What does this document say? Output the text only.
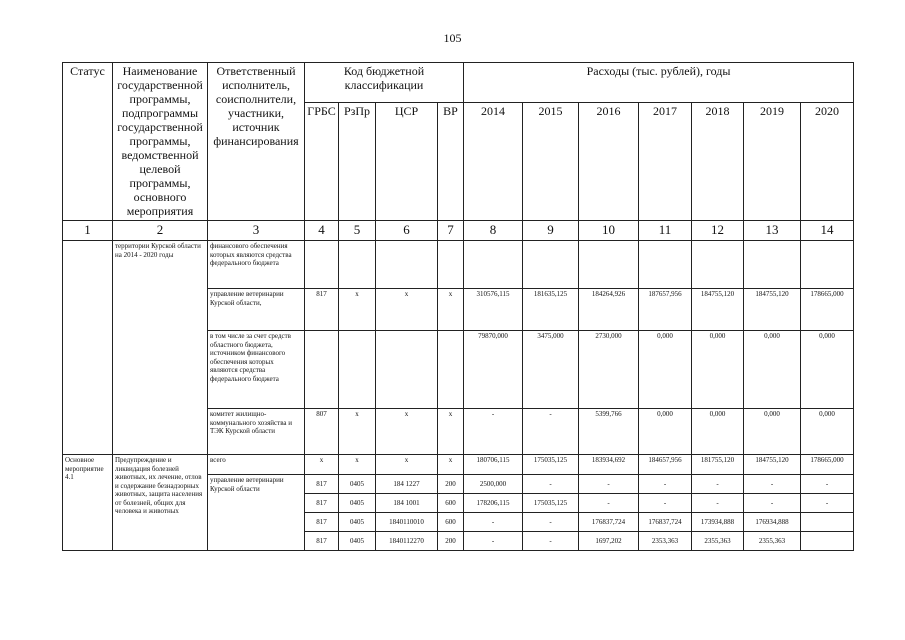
105
Статус	Наименование государственной программы, подпрограммы государственной программы, ведомственной целевой программы, основного мероприятия	Ответственный исполнитель, соисполнители, участники, источник финансирования	Код бюджетной классификации				Расходы (тыс. рублей), годы						
			ГРБС	РзПр	ЦСР	ВР	2014	2015	2016	2017	2018	2019	2020
1	2	3	4	5	6	7	8	9	10	11	12	13	14
	территории Курской области на 2014 - 2020 годы	финансового обеспечения которых являются средства федерального бюджета											
		управление ветеринарии Курской области,	817	х	х	х	310576,115	181635,125	184264,926	187657,956	184755,120	184755,120	178665,000
		в том числе за счет средств областного бюджета, источником финансового обеспечения которых являются средства федерального бюджета					79870,000	3475,000	2730,000	0,000	0,000	0,000	0,000
		комитет жилищно-коммунального хозяйства и ТЭК Курской области	807	х	х	х	-	-	5399,766	0,000	0,000	0,000	0,000
Основное мероприятие 4.1	Предупреждение и ликвидация болезней животных, их лечение, отлов и содержание безнадзорных животных, защита населения от болезней, общих для человека и животных	всего	х	х	х	х	180706,115	175035,125	183934,692	184657,956	181755,120	184755,120	178665,000
		управление ветеринарии Курской области	817	0405	184 1227	200	2500,000	-	-	-	-	-	-
			817	0405	184 1001	600	178206,115	175035,125	-	-	-	-	-
			817	0405	1840110010	600	-	-	176837,724	176837,724	173934,888	176934,888	
			817	0405	1840112270	200	-	-	1697,202	2353,363	2355,363	2355,363	
